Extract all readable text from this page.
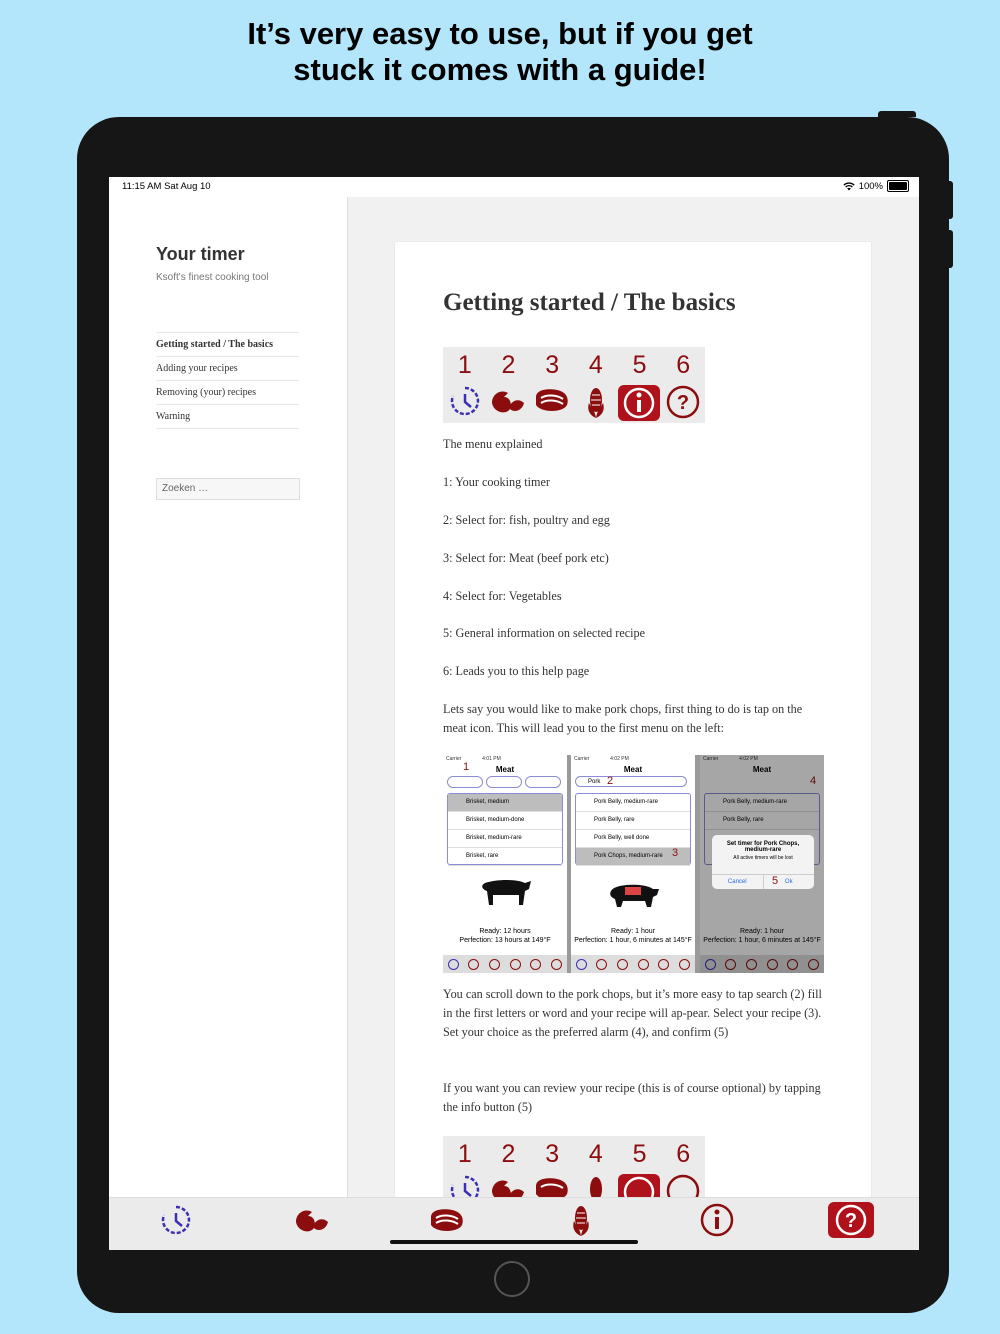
It’s very easy to use, but if you get
stuck it comes with a guide!
11:15 AM Sat Aug 10	100%
Your timer
Ksoft's finest cooking tool
Getting started / The basics
Adding your recipes
Removing (your) recipes
Warning
Zoeken …
Getting started / The basics
1	2	3	4	5	6
?
The menu explained
1: Your cooking timer
2: Select for: fish, poultry and egg
3: Select for: Meat (beef pork etc)
4: Select for: Vegetables
5: General information on selected recipe
6: Leads you to this help page
Lets say you would like to make pork chops, first thing to do is tap on the meat icon. This will lead you to the first menu on the left:
Carrier	4:01 PM
Meat
1
Brisket, medium
Brisket, medium-done
Brisket, medium-rare
Brisket, rare
Ready: 12 hours
Perfection: 13 hours at 149°F
Carrier	4:02 PM
Meat
Pork 2
Pork Belly, medium-rare
Pork Belly, rare
Pork Belly, well done
Pork Chops, medium-rare 3
Ready: 1 hour
Perfection: 1 hour, 6 minutes at 145°F
Carrier	4:02 PM
Meat
4
Pork Belly, medium-rare
Pork Belly, rare
Ready: 1 hour
Perfection: 1 hour, 6 minutes at 145°F
Set timer for Pork Chops, medium-rare
All active timers will be lost
Cancel	Ok
5
You can scroll down to the pork chops, but it’s more easy to tap search (2) fill in the first letters or word and your recipe will ap-pear. Select your recipe (3). Set your choice as the preferred alarm (4), and confirm (5)
If you want you can review your recipe (this is of course optional) by tapping the info button (5)
1	2	3	4	5	6
?
